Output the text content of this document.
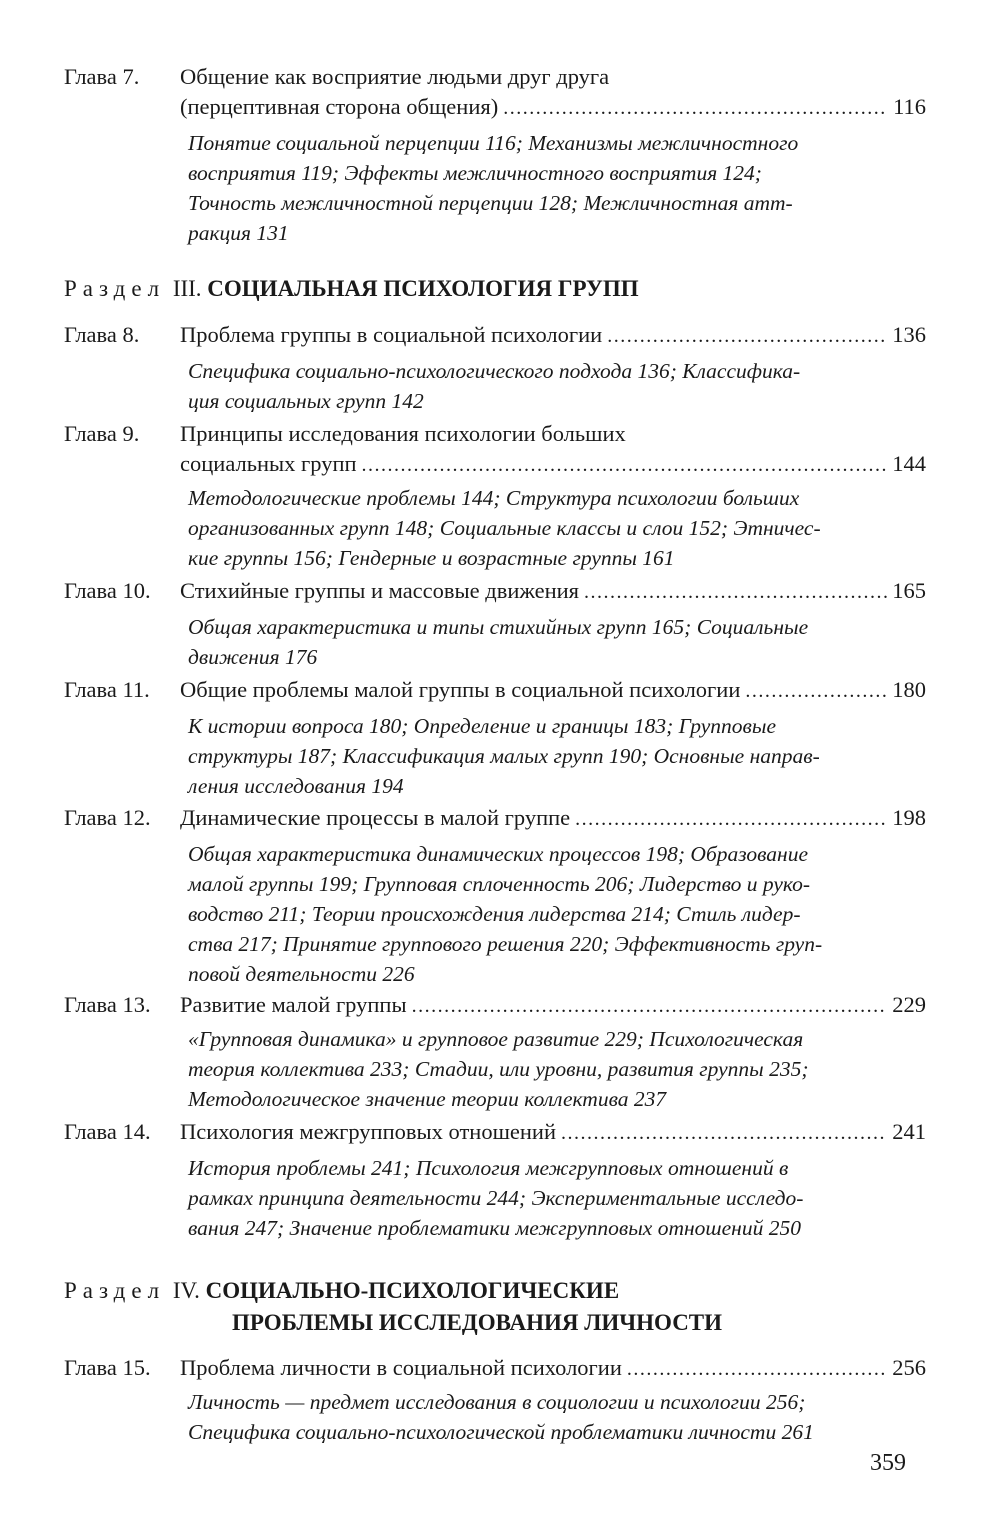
Глава 7. Общение как восприятие людьми друг друга
(перцептивная сторона общения) .....	116
Понятие социальной перцепции 116; Механизмы межличностного
восприятия 119; Эффекты межличностного восприятия 124;
Точность межличностной перцепции 128; Межличностная атт-
ракция 131
Раздел III. СОЦИАЛЬНАЯ ПСИХОЛОГИЯ ГРУПП
Глава 8. Проблема группы в социальной психологии .....	136
Специфика социально-психологического подхода 136; Классифика-
ция социальных групп 142
Глава 9. Принципы исследования психологии больших
социальных групп .....	144
Методологические проблемы 144; Структура психологии больших
организованных групп 148; Социальные классы и слои 152; Этничес-
кие группы 156; Гендерные и возрастные группы 161
Глава 10. Стихийные группы и массовые движения .....	165
Общая характеристика и типы стихийных групп 165; Социальные
движения 176
Глава 11. Общие проблемы малой группы в социальной психологии .....	180
К истории вопроса 180; Определение и границы 183; Групповые
структуры 187; Классификация малых групп 190; Основные направ-
ления исследования 194
Глава 12. Динамические процессы в малой группе .....	198
Общая характеристика динамических процессов 198; Образование
малой группы 199; Групповая сплоченность 206; Лидерство и руко-
водство 211; Теории происхождения лидерства 214; Стиль лидер-
ства 217; Принятие группового решения 220; Эффективность груп-
повой деятельности 226
Глава 13. Развитие малой группы .....	229
«Групповая динамика» и групповое развитие 229; Психологическая
теория коллектива 233; Стадии, или уровни, развития группы 235;
Методологическое значение теории коллектива 237
Глава 14. Психология межгрупповых отношений .....	241
История проблемы 241; Психология межгрупповых отношений в
рамках принципа деятельности 244; Экспериментальные исследо-
вания 247; Значение проблематики межгрупповых отношений 250
Раздел IV. СОЦИАЛЬНО-ПСИХОЛОГИЧЕСКИЕ
ПРОБЛЕМЫ ИССЛЕДОВАНИЯ ЛИЧНОСТИ
Глава 15. Проблема личности в социальной психологии .....	256
Личность — предмет исследования в социологии и психологии 256;
Специфика социально-психологической проблематики личности 261
359
